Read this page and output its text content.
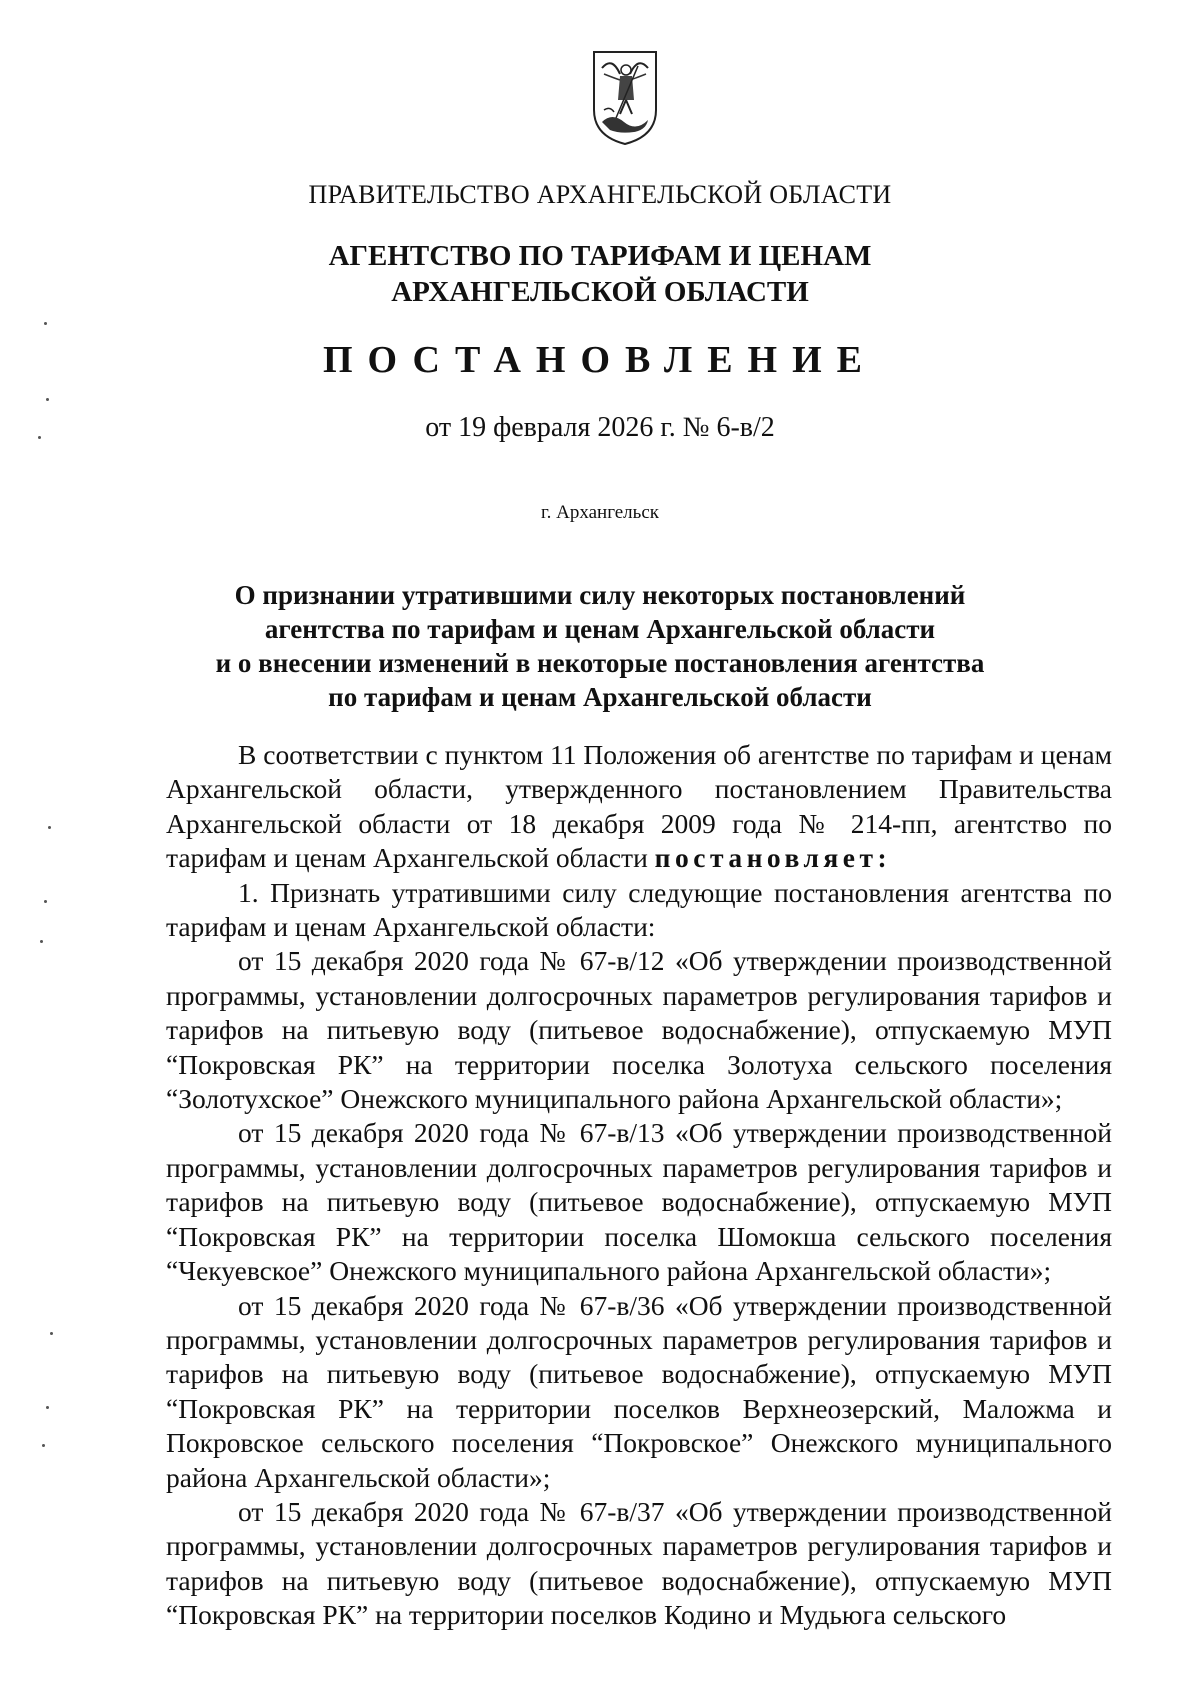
ПРАВИТЕЛЬСТВО АРХАНГЕЛЬСКОЙ ОБЛАСТИ
АГЕНТСТВО ПО ТАРИФАМ И ЦЕНАМ
АРХАНГЕЛЬСКОЙ ОБЛАСТИ
ПОСТАНОВЛЕНИЕ
от 19 февраля 2026 г. № 6-в/2
г. Архангельск
О признании утратившими силу некоторых постановлений
агентства по тарифам и ценам Архангельской области
и о внесении изменений в некоторые постановления агентства
по тарифам и ценам Архангельской области

В соответствии с пунктом 11 Положения об агентстве по тарифам и ценам Архангельской области, утвержденного постановлением Правительства Архангельской области от 18 декабря 2009 года № 214-пп, агентство по тарифам и ценам Архангельской области постановляет:

1. Признать утратившими силу следующие постановления агентства по тарифам и ценам Архангельской области:

от 15 декабря 2020 года № 67-в/12 «Об утверждении производственной программы, установлении долгосрочных параметров регулирования тарифов и тарифов на питьевую воду (питьевое водоснабжение), отпускаемую МУП “Покровская РК” на территории поселка Золотуха сельского поселения “Золотухское” Онежского муниципального района Архангельской области»;

от 15 декабря 2020 года № 67-в/13 «Об утверждении производственной программы, установлении долгосрочных параметров регулирования тарифов и тарифов на питьевую воду (питьевое водоснабжение), отпускаемую МУП “Покровская РК” на территории поселка Шомокша сельского поселения “Чекуевское” Онежского муниципального района Архангельской области»;

от 15 декабря 2020 года № 67-в/36 «Об утверждении производственной программы, установлении долгосрочных параметров регулирования тарифов и тарифов на питьевую воду (питьевое водоснабжение), отпускаемую МУП “Покровская РК” на территории поселков Верхнеозерский, Маложма и Покровское сельского поселения “Покровское” Онежского муниципального района Архангельской области»;

от 15 декабря 2020 года № 67-в/37 «Об утверждении производственной программы, установлении долгосрочных параметров регулирования тарифов и тарифов на питьевую воду (питьевое водоснабжение), отпускаемую МУП “Покровская РК” на территории поселков Кодино и Мудьюга сельского
